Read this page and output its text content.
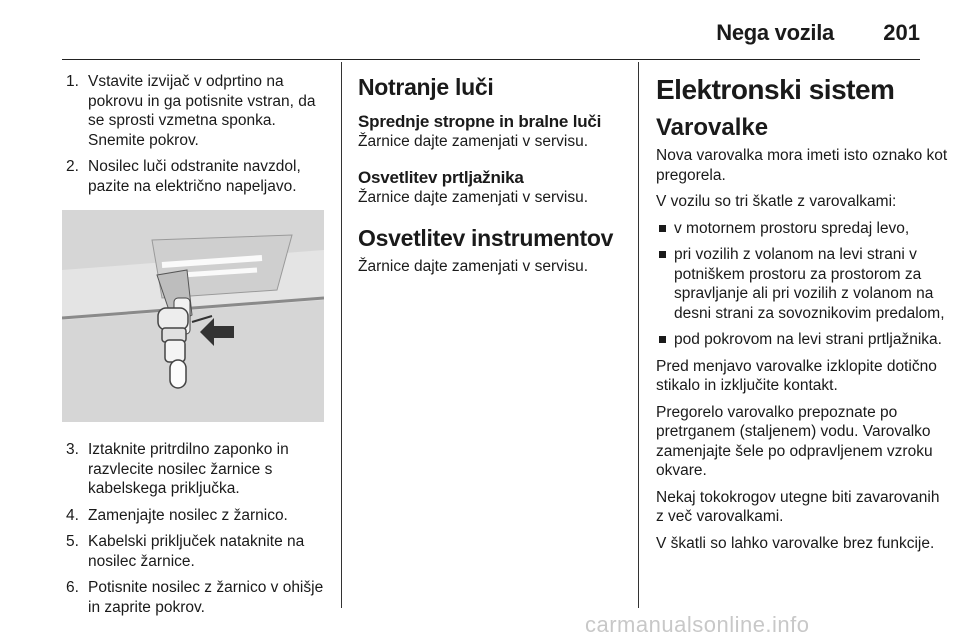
Nega vozila 201
1. Vstavite izvijač v odprtino na pokrovu in ga potisnite vstran, da se sprosti vzmetna sponka. Snemite pokrov.
2. Nosilec luči odstranite navzdol, pazite na električno napeljavo.
3. Iztaknite pritrdilno zaponko in razvlecite nosilec žarnice s kabelskega priključka.
4. Zamenjajte nosilec z žarnico.
5. Kabelski priključek nataknite na nosilec žarnice.
6. Potisnite nosilec z žarnico v ohišje in zaprite pokrov.
Notranje luči
Sprednje stropne in bralne luči

Žarnice dajte zamenjati v servisu.

Osvetlitev prtljažnika

Žarnice dajte zamenjati v servisu.

Osvetlitev instrumentov

Žarnice dajte zamenjati v servisu.

Elektronski sistem
Varovalke

Nova varovalka mora imeti isto oznako kot pregorela.

V vozilu so tri škatle z varovalkami:

v motornem prostoru spredaj levo,
pri vozilih z volanom na levi strani v potniškem prostoru za prostorom za spravljanje ali pri vozilih z volanom na desni strani za sovoznikovim predalom,
pod pokrovom na levi strani prtljažnika.

Pred menjavo varovalke izklopite dotično stikalo in izključite kontakt.

Pregorelo varovalko prepoznate po pretrganem (staljenem) vodu. Varovalko zamenjajte šele po odpravljenem vzroku okvare.

Nekaj tokokrogov utegne biti zavarovanih z več varovalkami.

V škatli so lahko varovalke brez funkcije.

carmanualsonline.info
